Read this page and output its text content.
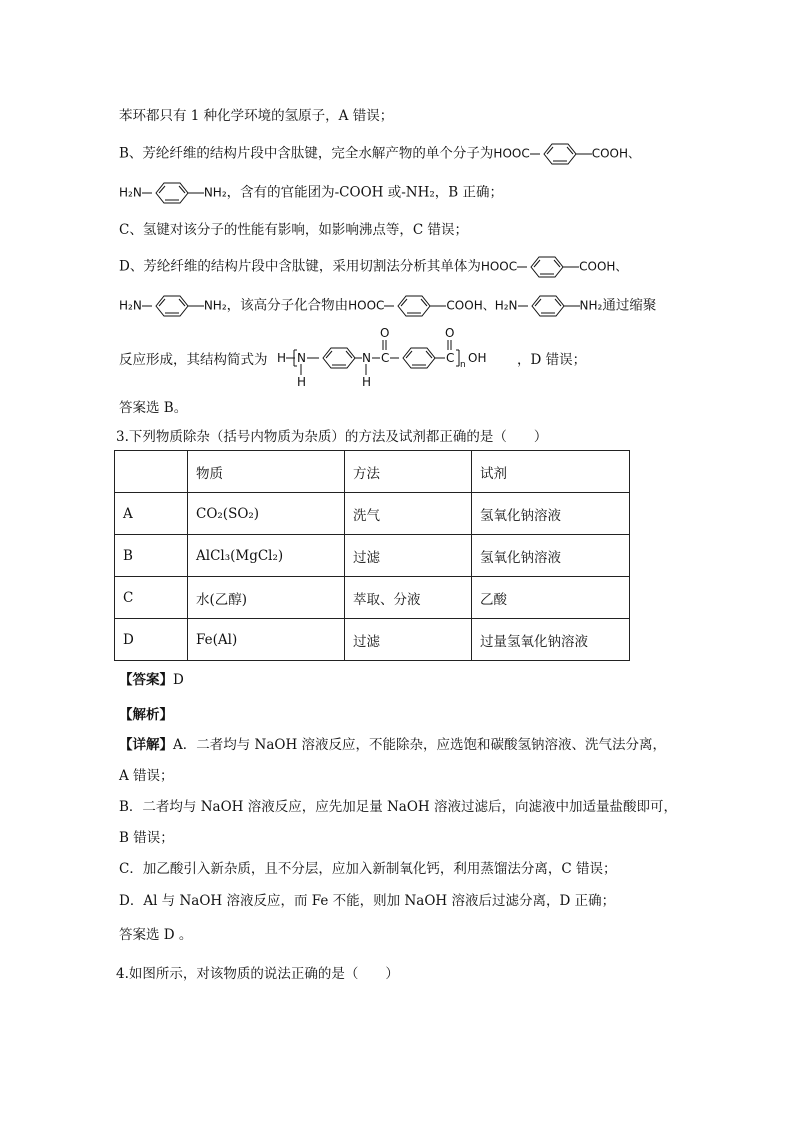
苯环都只有 1 种化学环境的氢原子，A 错误；
B、芳纶纤维的结构片段中含肽键，完全水解产物的单个分子为HOOC	COOH、
H₂N	NH₂，含有的官能团为-COOH 或-NH₂，B 正确；
C、氢键对该分子的性能有影响，如影响沸点等，C 错误；
D、芳纶纤维的结构片段中含肽键，采用切割法分析其单体为HOOC	COOH、
H₂N	NH₂，该高分子化合物由HOOC	COOH、H₂N	NH₂通过缩聚
反应形成，其结构简式为 H N
H
N
H
C
O
C
O
n OH ，D 错误；
答案选 B。
3.下列物质除杂（括号内物质为杂质）的方法及试剂都正确的是（　　）
	物质	方法	试剂
A	CO₂(SO₂)	洗气	氢氧化钠溶液
B	AlCl₃(MgCl₂)	过滤	氢氧化钠溶液
C	水(乙醇)	萃取、分液	乙酸
D	Fe(Al)	过滤	过量氢氧化钠溶液
【答案】D
【解析】
【详解】A．二者均与 NaOH 溶液反应，不能除杂，应选饱和碳酸氢钠溶液、洗气法分离，
A 错误；
B．二者均与 NaOH 溶液反应，应先加足量 NaOH 溶液过滤后，向滤液中加适量盐酸即可，
B 错误；
C．加乙酸引入新杂质，且不分层，应加入新制氧化钙，利用蒸馏法分离，C 错误；
D．Al 与 NaOH 溶液反应，而 Fe 不能，则加 NaOH 溶液后过滤分离，D 正确；
答案选 D 。
4.如图所示，对该物质的说法正确的是（　　）
